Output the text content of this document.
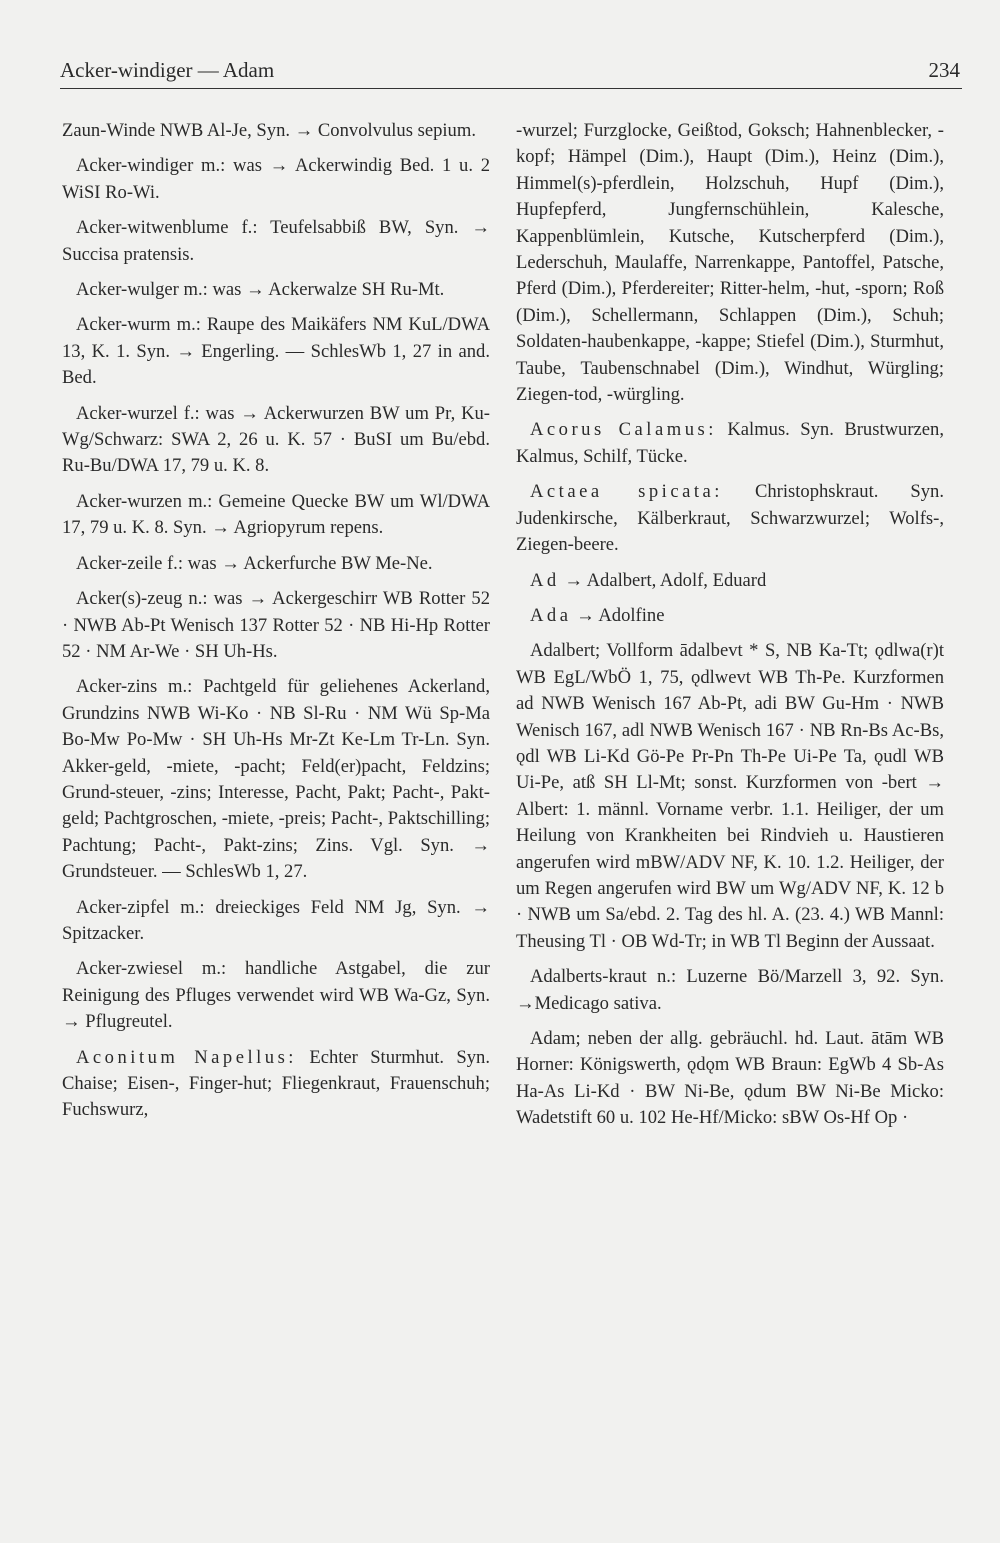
Acker-windiger — Adam	234

Zaun-Winde NWB Al-Je, Syn. → Convolvulus sepium.

Acker-windiger m.: was → Ackerwindig Bed. 1 u. 2 WiSI Ro-Wi.

Acker-witwenblume f.: Teufelsabbiß BW, Syn. → Succisa pratensis.

Acker-wulger m.: was → Ackerwalze SH Ru-Mt.

Acker-wurm m.: Raupe des Maikäfers NM KuL/DWA 13, K. 1. Syn. → Engerling. — SchlesWb 1, 27 in and. Bed.

Acker-wurzel f.: was → Ackerwurzen BW um Pr, Ku-Wg/Schwarz: SWA 2, 26 u. K. 57 · BuSI um Bu/ebd. Ru-Bu/DWA 17, 79 u. K. 8.

Acker-wurzen m.: Gemeine Quecke BW um Wl/DWA 17, 79 u. K. 8. Syn. → Agriopyrum repens.

Acker-zeile f.: was → Ackerfurche BW Me-Ne.

Acker(s)-zeug n.: was → Ackergeschirr WB Rotter 52 · NWB Ab-Pt Wenisch 137 Rotter 52 · NB Hi-Hp Rotter 52 · NM Ar-We · SH Uh-Hs.

Acker-zins m.: Pachtgeld für geliehenes Ackerland, Grundzins NWB Wi-Ko · NB Sl-Ru · NM Wü Sp-Ma Bo-Mw Po-Mw · SH Uh-Hs Mr-Zt Ke-Lm Tr-Ln. Syn. Akker-geld, -miete, -pacht; Feld(er)pacht, Feldzins; Grund-steuer, -zins; Interesse, Pacht, Pakt; Pacht-, Pakt-geld; Pachtgroschen, -miete, -preis; Pacht-, Paktschilling; Pachtung; Pacht-, Pakt-zins; Zins. Vgl. Syn. → Grundsteuer. — SchlesWb 1, 27.

Acker-zipfel m.: dreieckiges Feld NM Jg, Syn. → Spitzacker.

Acker-zwiesel m.: handliche Astgabel, die zur Reinigung des Pfluges verwendet wird WB Wa-Gz, Syn. → Pflugreutel.

Aconitum Napellus: Echter Sturmhut. Syn. Chaise; Eisen-, Finger-hut; Fliegenkraut, Frauenschuh; Fuchswurz,

-wurzel; Furzglocke, Geißtod, Goksch; Hahnenblecker, -kopf; Hämpel (Dim.), Haupt (Dim.), Heinz (Dim.), Himmel(s)-pferdlein, Holzschuh, Hupf (Dim.), Hupfepferd, Jungfernschühlein, Kalesche, Kappenblümlein, Kutsche, Kutscherpferd (Dim.), Lederschuh, Maulaffe, Narrenkappe, Pantoffel, Patsche, Pferd (Dim.), Pferdereiter; Ritter-helm, -hut, -sporn; Roß (Dim.), Schellermann, Schlappen (Dim.), Schuh; Soldaten-haubenkappe, -kappe; Stiefel (Dim.), Sturmhut, Taube, Taubenschnabel (Dim.), Windhut, Würgling; Ziegen-tod, -würgling.

Acorus Calamus: Kalmus. Syn. Brustwurzen, Kalmus, Schilf, Tücke.

Actaea spicata: Christophskraut. Syn. Judenkirsche, Kälberkraut, Schwarzwurzel; Wolfs-, Ziegen-beere.

Ad → Adalbert, Adolf, Eduard

Ada → Adolfine

Adalbert; Vollform ādalbevt * S, NB Ka-Tt; ǫdlwa(r)t WB EgL/WbÖ 1, 75, ǫdlwevt WB Th-Pe. Kurzformen ad NWB Wenisch 167 Ab-Pt, adi BW Gu-Hm · NWB Wenisch 167, adl NWB Wenisch 167 · NB Rn-Bs Ac-Bs, ǫdl WB Li-Kd Gö-Pe Pr-Pn Th-Pe Ui-Pe Ta, ǫudl WB Ui-Pe, atß SH Ll-Mt; sonst. Kurzformen von -bert → Albert: 1. männl. Vorname verbr. 1.1. Heiliger, der um Heilung von Krankheiten bei Rindvieh u. Haustieren angerufen wird mBW/ADV NF, K. 10. 1.2. Heiliger, der um Regen angerufen wird BW um Wg/ADV NF, K. 12 b · NWB um Sa/ebd. 2. Tag des hl. A. (23. 4.) WB Mannl: Theusing Tl · OB Wd-Tr; in WB Tl Beginn der Aussaat.

Adalberts-kraut n.: Luzerne Bö/Marzell 3, 92. Syn. →Medicago sativa.

Adam; neben der allg. gebräuchl. hd. Laut. ātām WB Horner: Königswerth, ǫdǫm WB Braun: EgWb 4 Sb-As Ha-As Li-Kd · BW Ni-Be, ǫdum BW Ni-Be Micko: Wadetstift 60 u. 102 He-Hf/Micko: sBW Os-Hf Op ·
